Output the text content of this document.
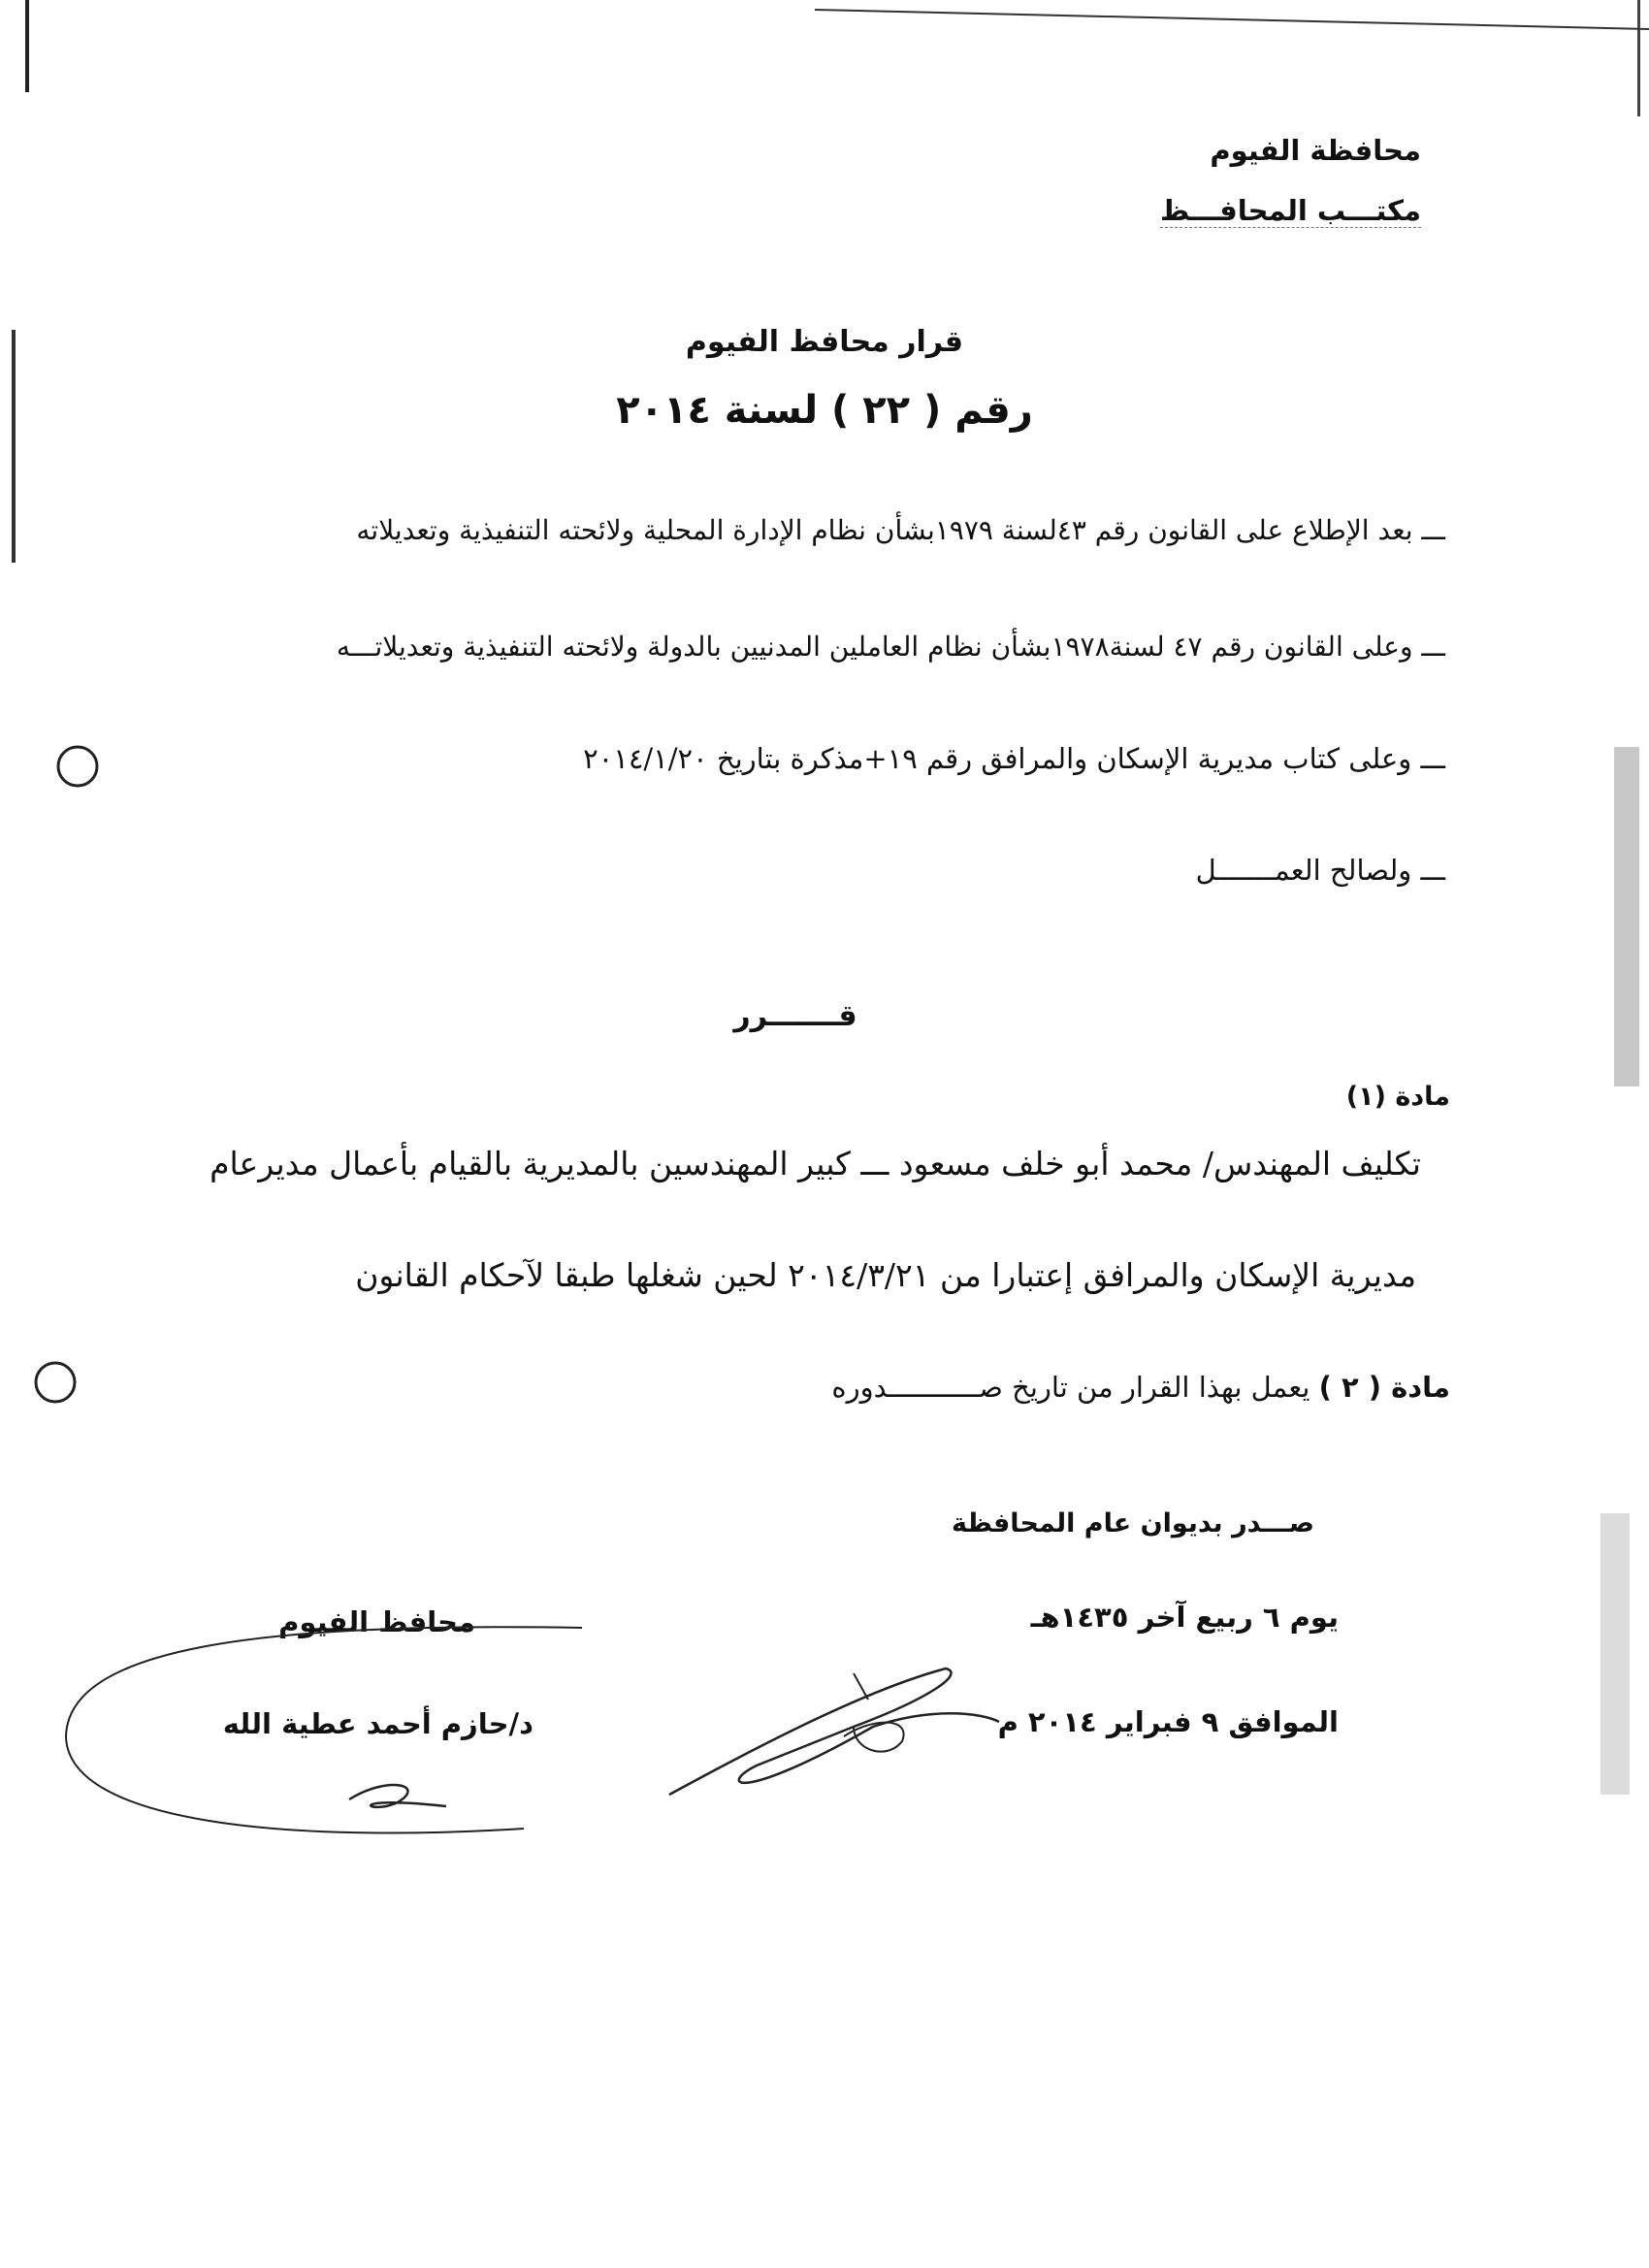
محافظة الفيوم
مكتـــب المحافـــظ
قرار محافظ الفيوم
رقم ( ٢٢ ) لسنة ٢٠١٤
ـــ بعد الإطلاع على القانون رقم ٤٣لسنة ١٩٧٩بشأن نظام الإدارة المحلية ولائحته التنفيذية وتعديلاته
ـــ وعلى القانون رقم ٤٧ لسنة١٩٧٨بشأن نظام العاملين المدنيين بالدولة ولائحته التنفيذية وتعديلاتـــه
ـــ وعلى كتاب مديرية الإسكان والمرافق رقم ١٩+مذكرة بتاريخ ٢٠١٤/١/٢٠
ـــ ولصالح العمـــــــل
قـــــــرر
مادة (١)
تكليف المهندس/ محمد أبو خلف مسعود ـــ كبير المهندسين بالمديرية بالقيام بأعمال مديرعام
مديرية الإسكان والمرافق إعتبارا من ٢٠١٤/٣/٢١ لحين شغلها طبقا لآحكام القانون
مادة ( ٢ ) يعمل بهذا القرار من تاريخ صـــــــــــدوره
صـــدر بديوان عام المحافظة
يوم ٦ ربيع آخر ١٤٣٥هـ
الموافق ٩ فبراير ٢٠١٤ م
محافظ الفيوم
د/حازم أحمد عطية الله
